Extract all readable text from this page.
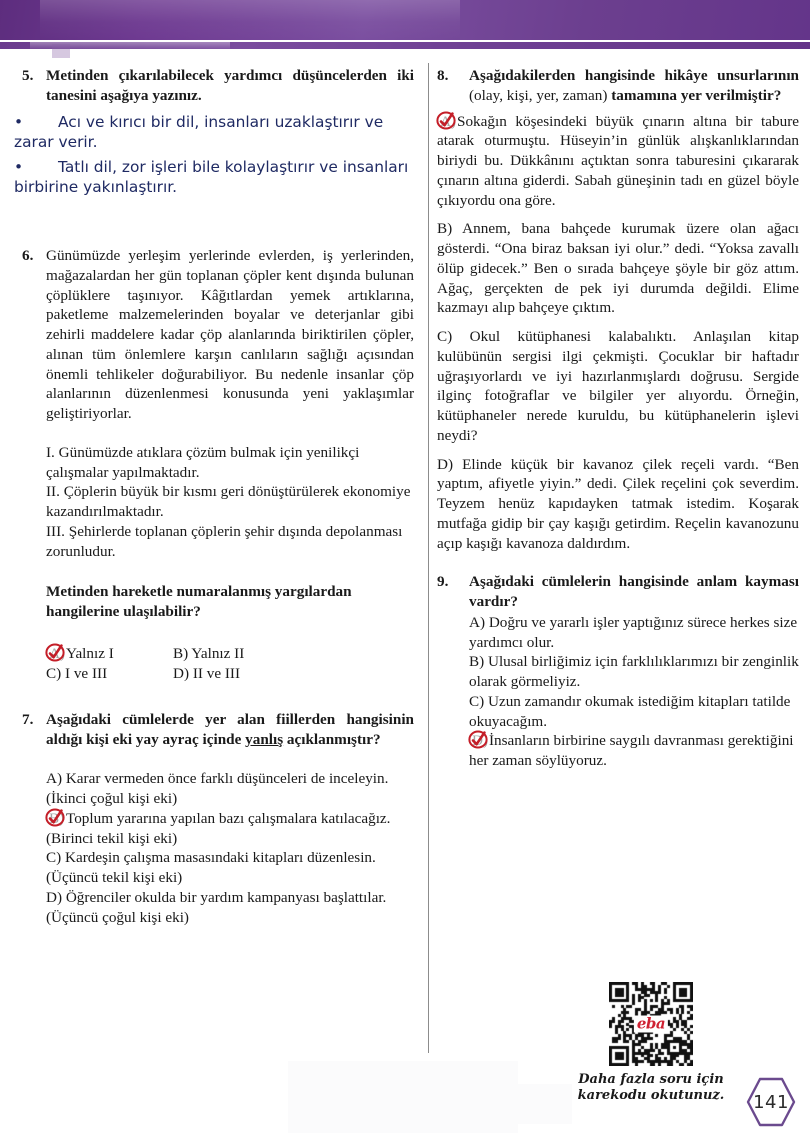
5. Metinden çıkarılabilecek yardımcı düşüncelerden iki tanesini aşağıya yazınız.
• Acı ve kırıcı bir dil, insanları uzaklaştırır ve zarar verir.
• Tatlı dil, zor işleri bile kolaylaştırır ve insanları birbirine yakınlaştırır.
6. Günümüzde yerleşim yerlerinde evlerden, iş yerlerinden, mağazalardan her gün toplanan çöpler kent dışında bulunan çöplüklere taşınıyor. Kâğıtlardan yemek artıklarına, paketleme malzemelerinden boyalar ve deterjanlar gibi zehirli maddelere kadar çöp alanlarında biriktirilen çöpler, alınan tüm önlemlere karşın canlıların sağlığı açısından önemli tehlikeler doğurabiliyor. Bu nedenle insanlar çöp alanlarının düzenlenmesi konusunda yeni yaklaşımlar geliştiriyorlar.
I. Günümüzde atıklara çözüm bulmak için yenilikçi çalışmalar yapılmaktadır.
II. Çöplerin büyük bir kısmı geri dönüştürülerek ekonomiye kazandırılmaktadır.
III. Şehirlerde toplanan çöplerin şehir dışında depolanması zorunludur.
Metinden hareketle numaralanmış yargılardan hangilerine ulaşılabilir?
A) Yalnız I	B) Yalnız II
C) I ve III	D) II ve III
7. Aşağıdaki cümlelerde yer alan fiillerden hangisinin aldığı kişi eki yay ayraç içinde yanlış açıklanmıştır?
A) Karar vermeden önce farklı düşünceleri de inceleyin. (İkinci çoğul kişi eki)
B) Toplum yararına yapılan bazı çalışmalara katılacağız. (Birinci tekil kişi eki)
C) Kardeşin çalışma masasındaki kitapları düzenlesin. (Üçüncü tekil kişi eki)
D) Öğrenciler okulda bir yardım kampanyası başlattılar. (Üçüncü çoğul kişi eki)
8. Aşağıdakilerden hangisinde hikâye unsurlarının (olay, kişi, yer, zaman) tamamına yer verilmiştir?
A) Sokağın köşesindeki büyük çınarın altına bir tabure atarak oturmuştu. Hüseyin’in günlük alışkanlıklarından biriydi bu. Dükkânını açtıktan sonra taburesini çıkararak çınarın altına giderdi. Sabah güneşinin tadı en güzel böyle çıkıyordu ona göre.
B) Annem, bana bahçede kurumak üzere olan ağacı gösterdi. “Ona biraz baksan iyi olur.” dedi. “Yoksa zavallı ölüp gidecek.” Ben o sırada bahçeye şöyle bir göz attım. Ağaç, gerçekten de pek iyi durumda değildi. Elime kazmayı alıp bahçeye çıktım.
C) Okul kütüphanesi kalabalıktı. Anlaşılan kitap kulübünün sergisi ilgi çekmişti. Çocuklar bir haftadır uğraşıyorlardı ve iyi hazırlanmışlardı doğrusu. Sergide ilginç fotoğraflar ve bilgiler yer alıyordu. Örneğin, kütüphaneler nerede kuruldu, bu kütüphanelerin işlevi neydi?
D) Elinde küçük bir kavanoz çilek reçeli vardı. “Ben yaptım, afiyetle yiyin.” dedi. Çilek reçelini çok severdim. Teyzem henüz kapıdayken tatmak istedim. Koşarak mutfağa gidip bir çay kaşığı getirdim. Reçelin kavanozunu açıp kaşığı kavanoza daldırdım.
9. Aşağıdaki cümlelerin hangisinde anlam kayması vardır?
A) Doğru ve yararlı işler yaptığınız sürece herkes size yardımcı olur.
B) Ulusal birliğimiz için farklılıklarımızı bir zenginlik olarak görmeliyiz.
C) Uzun zamandır okumak istediğim kitapları tatilde okuyacağım.
D) İnsanların birbirine saygılı davranması gerektiğini her zaman söylüyoruz.
eba
Daha fazla soru için
karekodu okutunuz.	141
